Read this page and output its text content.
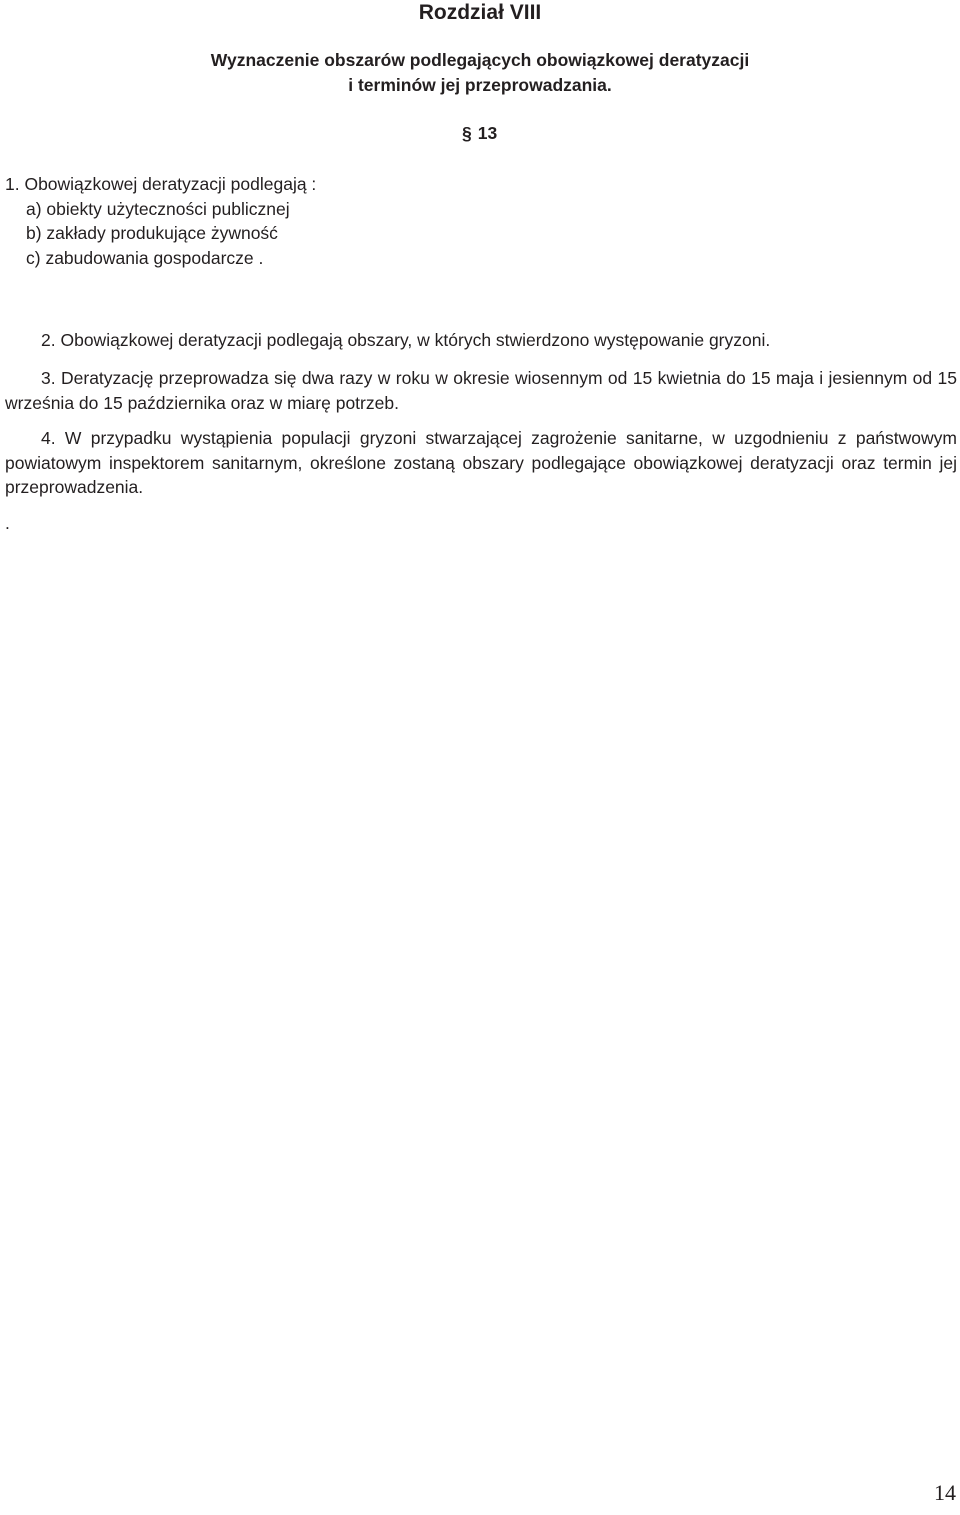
Rozdział VIII
Wyznaczenie obszarów podlegających obowiązkowej deratyzacji
i terminów jej przeprowadzania.
§ 13
1. Obowiązkowej deratyzacji podlegają :
a) obiekty użyteczności publicznej
b) zakłady produkujące żywność
c) zabudowania gospodarcze .
2. Obowiązkowej deratyzacji podlegają obszary, w których stwierdzono występowanie gryzoni.
3. Deratyzację przeprowadza się dwa razy w roku w okresie wiosennym od 15 kwietnia do 15 maja i jesiennym od 15 września do 15 października oraz w miarę potrzeb.
4. W przypadku wystąpienia populacji gryzoni stwarzającej zagrożenie sanitarne, w uzgodnieniu z państwowym powiatowym inspektorem sanitarnym, określone zostaną obszary podlegające obowiązkowej deratyzacji oraz termin jej przeprowadzenia.
.
14
